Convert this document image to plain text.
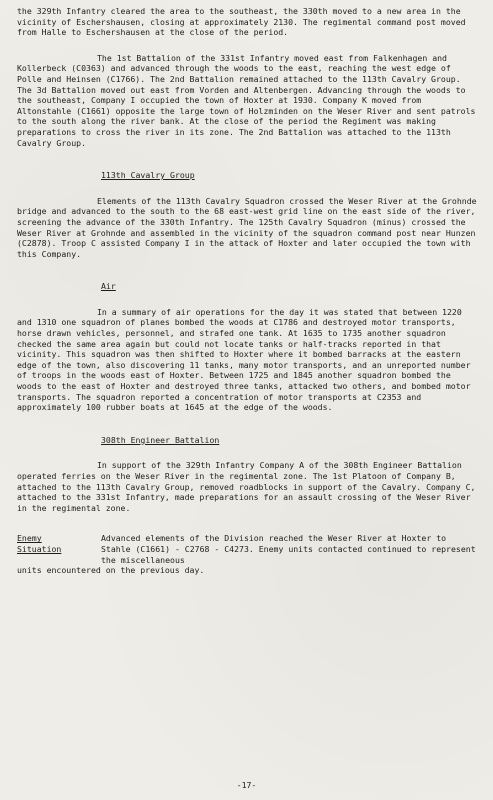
the 329th Infantry cleared the area to the southeast, the 330th moved to a new area in the vicinity of Eschershausen, closing at approximately 2130. The regimental command post moved from Halle to Eschershausen at the close of the period.

The 1st Battalion of the 331st Infantry moved east from Falkenhagen and Kollerbeck (C0363) and advanced through the woods to the east, reaching the west edge of Polle and Heinsen (C1766). The 2nd Battalion remained attached to the 113th Cavalry Group. The 3d Battalion moved out east from Vorden and Altenbergen. Advancing through the woods to the southeast, Company I occupied the town of Hoxter at 1930. Company K moved from Altonstahle (C1661) opposite the large town of Holzminden on the Weser River and sent patrols to the south along the river bank. At the close of the period the Regiment was making preparations to cross the river in its zone. The 2nd Battalion was attached to the 113th Cavalry Group.

113th Cavalry Group

Elements of the 113th Cavalry Squadron crossed the Weser River at the Grohnde bridge and advanced to the south to the 68 east-west grid line on the east side of the river, screening the advance of the 330th Infantry. The 125th Cavalry Squadron (minus) crossed the Weser River at Grohnde and assembled in the vicinity of the squadron command post near Hunzen (C2878). Troop C assisted Company I in the attack of Hoxter and later occupied the town with this Company.

Air

In a summary of air operations for the day it was stated that between 1220 and 1310 one squadron of planes bombed the woods at C1786 and destroyed motor transports, horse drawn vehicles, personnel, and strafed one tank. At 1635 to 1735 another squadron checked the same area again but could not locate tanks or half-tracks reported in that vicinity. This squadron was then shifted to Hoxter where it bombed barracks at the eastern edge of the town, also discovering 11 tanks, many motor transports, and an unreported number of troops in the woods east of Hoxter. Between 1725 and 1845 another squadron bombed the woods to the east of Hoxter and destroyed three tanks, attacked two others, and bombed motor transports. The squadron reported a concentration of motor transports at C2353 and approximately 100 rubber boats at 1645 at the edge of the woods.

308th Engineer Battalion

In support of the 329th Infantry Company A of the 308th Engineer Battalion operated ferries on the Weser River in the regimental zone. The 1st Platoon of Company B, attached to the 113th Cavalry Group, removed roadblocks in support of the Cavalry. Company C, attached to the 331st Infantry, made preparations for an assault crossing of the Weser River in the regimental zone.

Enemy
Situation

Advanced elements of the Division reached the Weser River at Hoxter to Stahle (C1661) - C2768 - C4273. Enemy units contacted continued to represent the miscellaneous

units encountered on the previous day.

-17-
